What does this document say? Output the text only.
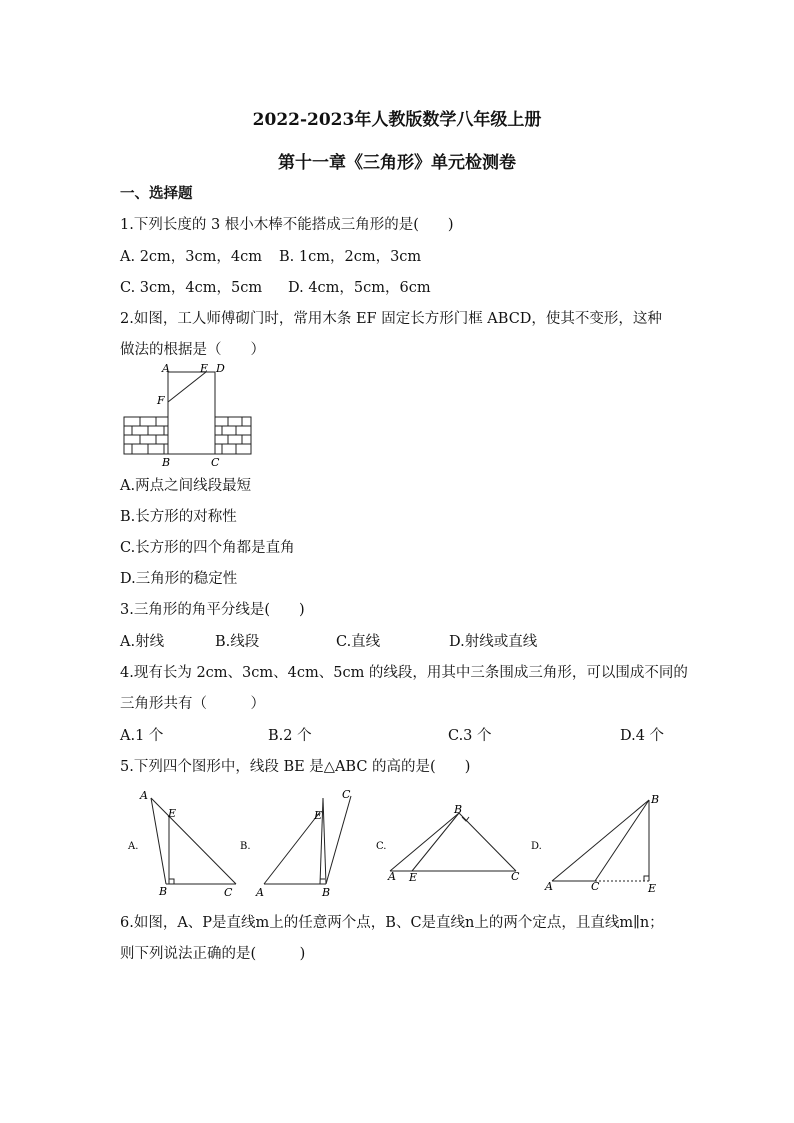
2022-2023年人教版数学八年级上册
第十一章《三角形》单元检测卷
一、选择题
1.下列长度的 3 根小木棒不能搭成三角形的是(　　)
A. 2cm，3cm，4cm B. 1cm，2cm，3cm
C. 3cm，4cm，5cm D. 4cm，5cm，6cm
2.如图，工人师傅砌门时，常用木条 EF 固定长方形门框 ABCD，使其不变形，这种
做法的根据是（　　）
A	E D
F
B	C
A.两点之间线段最短
B.长方形的对称性
C.长方形的四个角都是直角
D.三角形的稳定性
3.三角形的角平分线是(　　)
A.射线	B.线段	C.直线	D.射线或直线
4.现有长为 2cm、3cm、4cm、5cm 的线段，用其中三条围成三角形，可以围成不同的
三角形共有（　　　）
A.1 个	B.2 个	C.3 个	D.4 个
5.下列四个图形中，线段 BE 是△ABC 的高的是(　　)
A
E
B	C
A.
E
C
A	B
B.
B
A E	C
C.
B
A	C	E
D.
6.如图，A、P是直线m上的任意两个点，B、C是直线n上的两个定点，且直线m∥n；
则下列说法正确的是(　　　)
